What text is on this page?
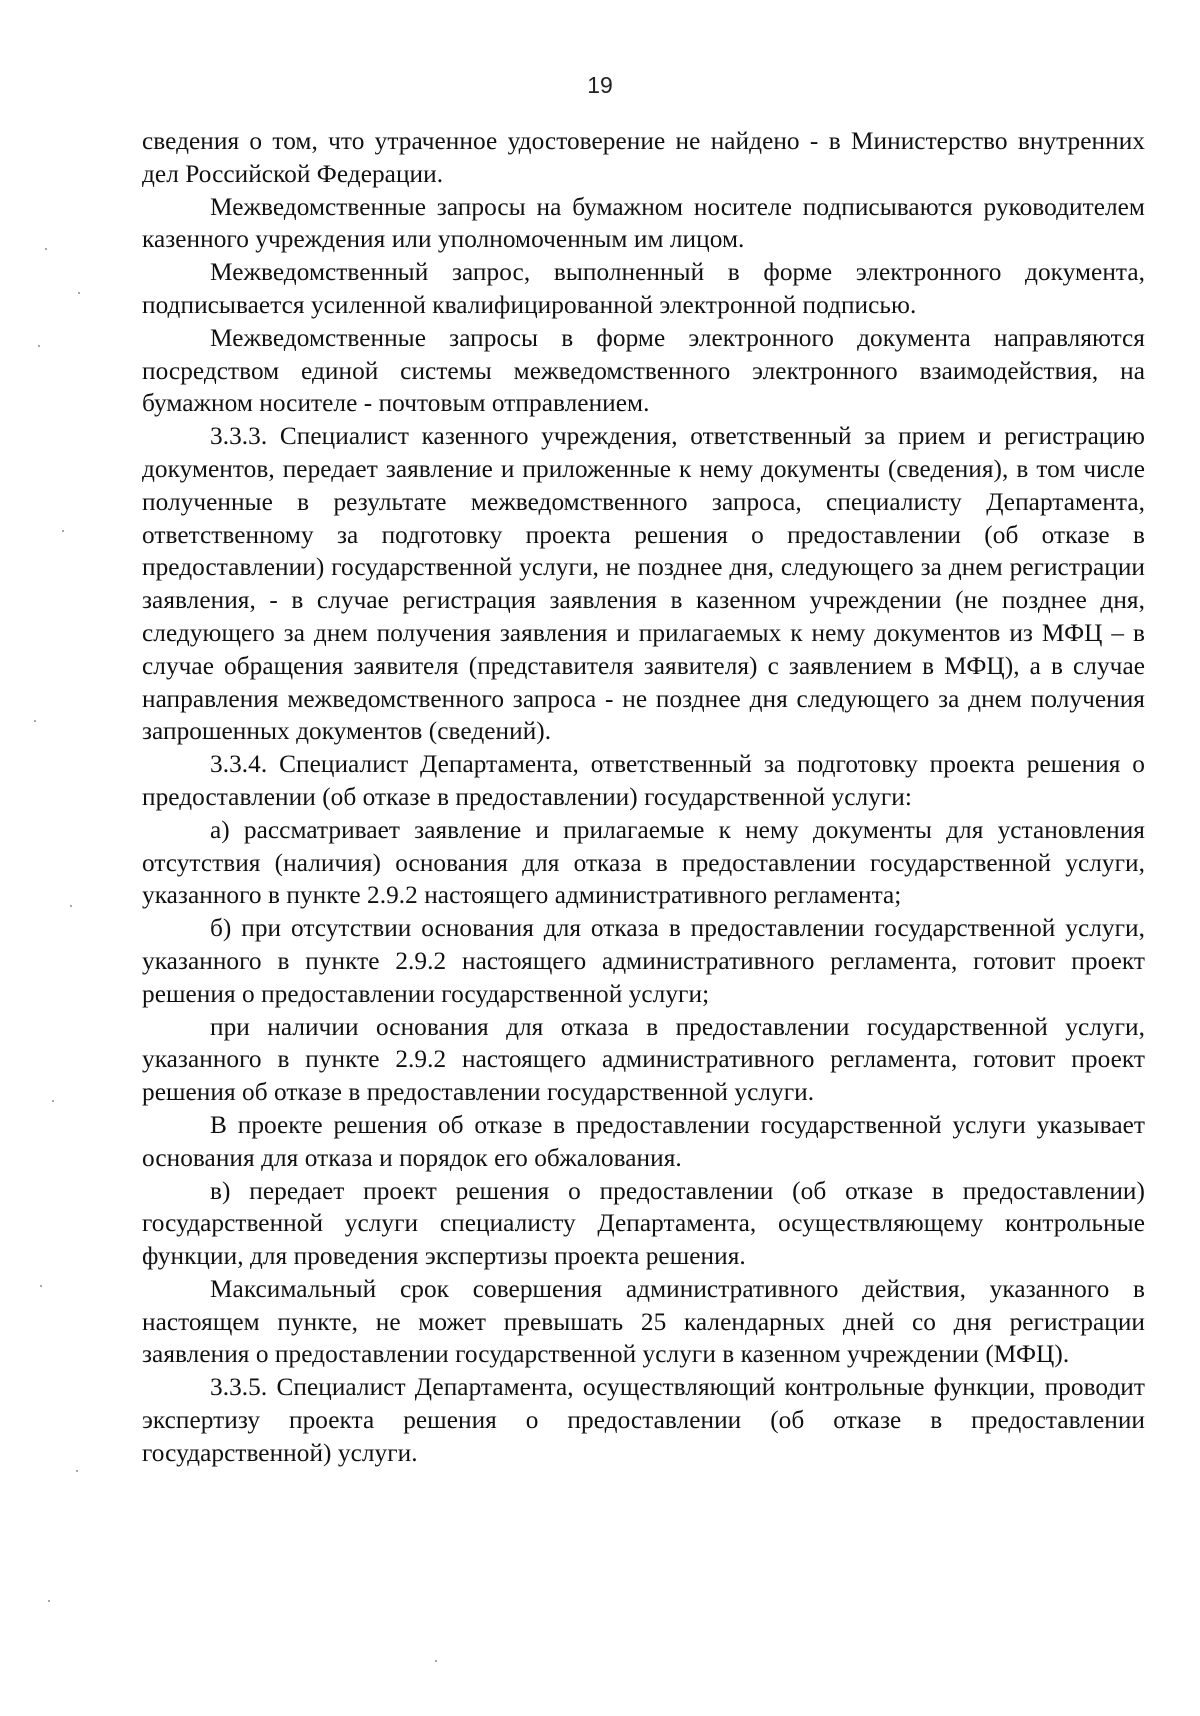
19

сведения о том, что утраченное удостоверение не найдено - в Министерство внутренних дел Российской Федерации.

Межведомственные запросы на бумажном носителе подписываются руководителем казенного учреждения или уполномоченным им лицом.

Межведомственный запрос, выполненный в форме электронного документа, подписывается усиленной квалифицированной электронной подписью.

Межведомственные запросы в форме электронного документа направляются посредством единой системы межведомственного электронного взаимодействия, на бумажном носителе - почтовым отправлением.

3.3.3. Специалист казенного учреждения, ответственный за прием и регистрацию документов, передает заявление и приложенные к нему документы (сведения), в том числе полученные в результате межведомственного запроса, специалисту Департамента, ответственному за подготовку проекта решения о предоставлении (об отказе в предоставлении) государственной услуги, не позднее дня, следующего за днем регистрации заявления, - в случае регистрация заявления в казенном учреждении (не позднее дня, следующего за днем получения заявления и прилагаемых к нему документов из МФЦ – в случае обращения заявителя (представителя заявителя) с заявлением в МФЦ), а в случае направления межведомственного запроса - не позднее дня следующего за днем получения запрошенных документов (сведений).

3.3.4. Специалист Департамента, ответственный за подготовку проекта решения о предоставлении (об отказе в предоставлении) государственной услуги:

а) рассматривает заявление и прилагаемые к нему документы для установления отсутствия (наличия) основания для отказа в предоставлении государственной услуги, указанного в пункте 2.9.2 настоящего административного регламента;

б) при отсутствии основания для отказа в предоставлении государственной услуги, указанного в пункте 2.9.2 настоящего административного регламента, готовит проект решения о предоставлении государственной услуги;

при наличии основания для отказа в предоставлении государственной услуги, указанного в пункте 2.9.2 настоящего административного регламента, готовит проект решения об отказе в предоставлении государственной услуги.

В проекте решения об отказе в предоставлении государственной услуги указывает основания для отказа и порядок его обжалования.

в) передает проект решения о предоставлении (об отказе в предоставлении) государственной услуги специалисту Департамента, осуществляющему контрольные функции, для проведения экспертизы проекта решения.

Максимальный срок совершения административного действия, указанного в настоящем пункте, не может превышать 25 календарных дней со дня регистрации заявления о предоставлении государственной услуги в казенном учреждении (МФЦ).

3.3.5. Специалист Департамента, осуществляющий контрольные функции, проводит экспертизу проекта решения о предоставлении (об отказе в предоставлении государственной) услуги.
